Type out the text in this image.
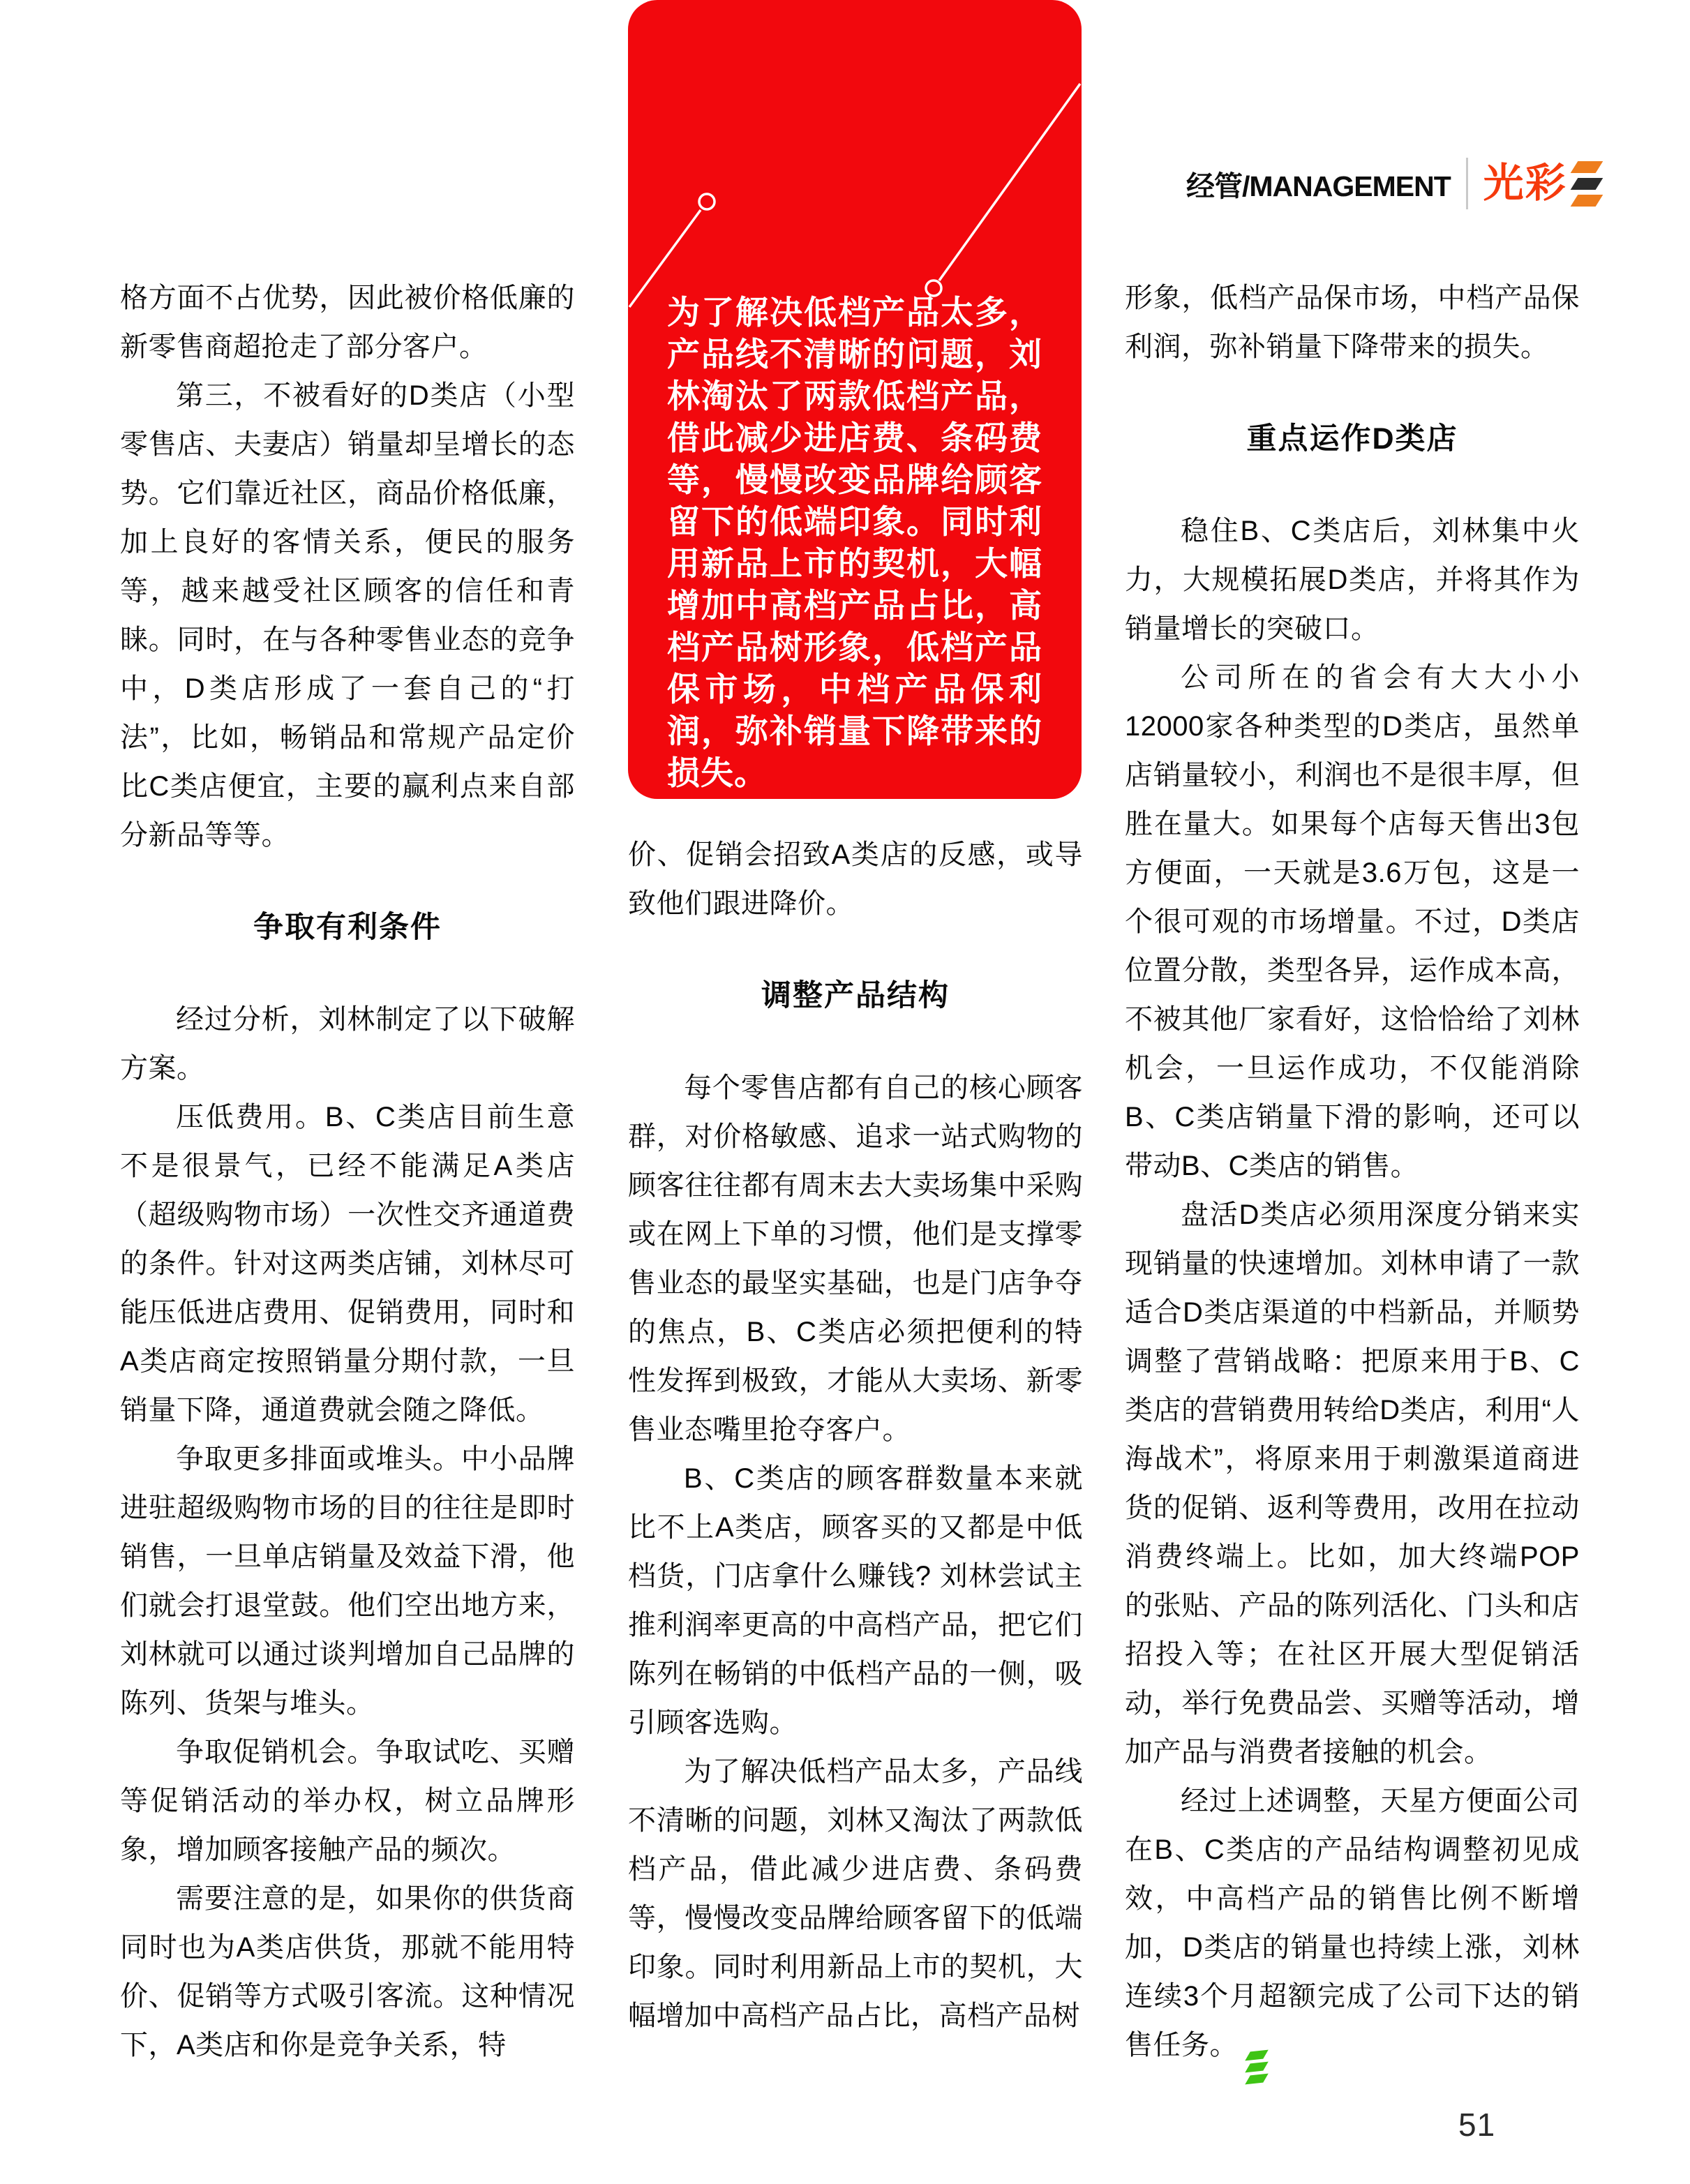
经管/MANAGEMENT 光彩
为了解决低档产品太多，产品线不清晰的问题，刘林淘汰了两款低档产品，借此减少进店费、条码费等，慢慢改变品牌给顾客留下的低端印象。同时利用新品上市的契机，大幅增加中高档产品占比，高档产品树形象，低档产品保市场，中档产品保利润，弥补销量下降带来的损失。

格方面不占优势，因此被价格低廉的新零售商超抢走了部分客户。

第三，不被看好的D类店（小型零售店、夫妻店）销量却呈增长的态势。它们靠近社区，商品价格低廉，加上良好的客情关系，便民的服务等，越来越受社区顾客的信任和青睐。同时，在与各种零售业态的竞争中，D类店形成了一套自己的“打法”，比如，畅销品和常规产品定价比C类店便宜，主要的赢利点来自部分新品等等。

争取有利条件

经过分析，刘林制定了以下破解方案。

压低费用。B、C类店目前生意不是很景气，已经不能满足A类店（超级购物市场）一次性交齐通道费的条件。针对这两类店铺，刘林尽可能压低进店费用、促销费用，同时和A类店商定按照销量分期付款，一旦销量下降，通道费就会随之降低。

争取更多排面或堆头。中小品牌进驻超级购物市场的目的往往是即时销售，一旦单店销量及效益下滑，他们就会打退堂鼓。他们空出地方来，刘林就可以通过谈判增加自己品牌的陈列、货架与堆头。

争取促销机会。争取试吃、买赠等促销活动的举办权，树立品牌形象，增加顾客接触产品的频次。

需要注意的是，如果你的供货商同时也为A类店供货，那就不能用特价、促销等方式吸引客流。这种情况下，A类店和你是竞争关系，特

价、促销会招致A类店的反感，或导致他们跟进降价。

调整产品结构

每个零售店都有自己的核心顾客群，对价格敏感、追求一站式购物的顾客往往都有周末去大卖场集中采购或在网上下单的习惯，他们是支撑零售业态的最坚实基础，也是门店争夺的焦点，B、C类店必须把便利的特性发挥到极致，才能从大卖场、新零售业态嘴里抢夺客户。

B、C类店的顾客群数量本来就比不上A类店，顾客买的又都是中低档货，门店拿什么赚钱? 刘林尝试主推利润率更高的中高档产品，把它们陈列在畅销的中低档产品的一侧，吸引顾客选购。

为了解决低档产品太多，产品线不清晰的问题，刘林又淘汰了两款低档产品，借此减少进店费、条码费等，慢慢改变品牌给顾客留下的低端印象。同时利用新品上市的契机，大幅增加中高档产品占比，高档产品树

形象，低档产品保市场，中档产品保利润，弥补销量下降带来的损失。

重点运作D类店

稳住B、C类店后，刘林集中火力，大规模拓展D类店，并将其作为销量增长的突破口。

公司所在的省会有大大小小12000家各种类型的D类店，虽然单店销量较小，利润也不是很丰厚，但胜在量大。如果每个店每天售出3包方便面，一天就是3.6万包，这是一个很可观的市场增量。不过，D类店位置分散，类型各异，运作成本高，不被其他厂家看好，这恰恰给了刘林机会，一旦运作成功，不仅能消除B、C类店销量下滑的影响，还可以带动B、C类店的销售。

盘活D类店必须用深度分销来实现销量的快速增加。刘林申请了一款适合D类店渠道的中档新品，并顺势调整了营销战略：把原来用于B、C类店的营销费用转给D类店，利用“人海战术”，将原来用于刺激渠道商进货的促销、返利等费用，改用在拉动消费终端上。比如，加大终端POP的张贴、产品的陈列活化、门头和店招投入等；在社区开展大型促销活动，举行免费品尝、买赠等活动，增加产品与消费者接触的机会。

经过上述调整，天星方便面公司在B、C类店的产品结构调整初见成效，中高档产品的销售比例不断增加，D类店的销量也持续上涨，刘林连续3个月超额完成了公司下达的销售任务。

51
